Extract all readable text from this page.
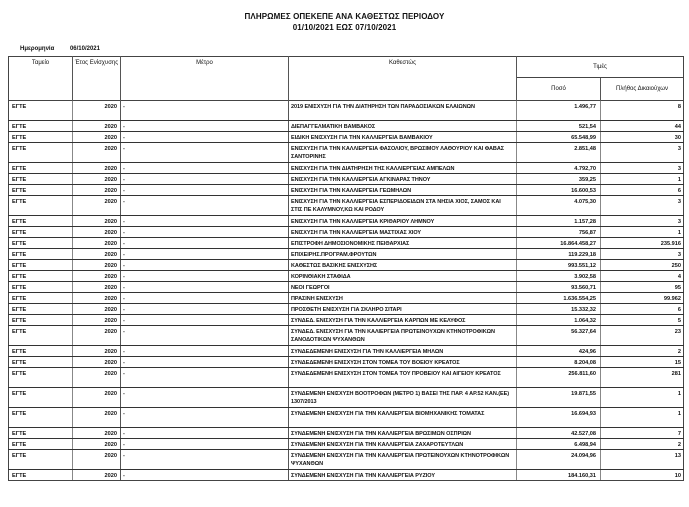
ΠΛΗΡΩΜΕΣ ΟΠΕΚΕΠΕ ΑΝΑ ΚΑΘΕΣΤΩΣ ΠΕΡΙΟΔΟΥ
01/10/2021 ΕΩΣ 07/10/2021
Ημερομηνία	06/10/2021
Ταμείο	Έτος Ενίσχυσης	Μέτρο	Καθεστώς	Τιμές	
				Ποσό	Πλήθος Δικαιούχων
ΕΓΤΕ	2020	-	2019 ΕΝΙΣΧΥΣΗ ΓΙΑ ΤΗΝ ΔΙΑΤΗΡΗΣΗ ΤΩΝ ΠΑΡΑΔΟΣΙΑΚΩΝ ΕΛΑΙΩΝΩΝ	1.496,77	8
ΕΓΤΕ	2020	-	ΔΙΕΠΑΓΓΕΛΜΑΤΙΚΗ ΒΑΜΒΑΚΟΣ	521,54	44
ΕΓΤΕ	2020	-	ΕΙΔΙΚΗ ΕΝΙΣΧΥΣΗ ΓΙΑ ΤΗΝ ΚΑΛΛΙΕΡΓΕΙΑ ΒΑΜΒΑΚΙΟΥ	65.548,99	30
ΕΓΤΕ	2020	-	ΕΝΙΣΧΥΣΗ ΓΙΑ ΤΗΝ ΚΑΛΛΙΕΡΓΕΙΑ ΦΑΣΟΛΙΟΥ, ΒΡΩΣΙΜΟΥ ΛΑΘΟΥΡΙΟΥ ΚΑΙ ΦΑΒΑΣ ΣΑΝΤΟΡΙΝΗΣ	2.851,48	3
ΕΓΤΕ	2020	-	ΕΝΙΣΧΥΣΗ ΓΙΑ ΤΗΝ ΔΙΑΤΗΡΗΣΗ ΤΗΣ ΚΑΛΛΙΕΡΓΕΙΑΣ ΑΜΠΕΛΩΝ	4.792,70	3
ΕΓΤΕ	2020	-	ΕΝΙΣΧΥΣΗ ΓΙΑ ΤΗΝ ΚΑΛΛΙΕΡΓΕΙΑ ΑΓΚΙΝΑΡΑΣ ΤΗΝΟΥ	359,25	1
ΕΓΤΕ	2020	-	ΕΝΙΣΧΥΣΗ ΓΙΑ ΤΗΝ ΚΑΛΛΙΕΡΓΕΙΑ ΓΕΩΜΗΛΩΝ	16.600,53	6
ΕΓΤΕ	2020	-	ΕΝΙΣΧΥΣΗ ΓΙΑ ΤΗΝ ΚΑΛΛΙΕΡΓΕΙΑ ΕΣΠΕΡΙΔΟΕΙΔΩΝ ΣΤΑ ΝΗΣΙΑ ΧΙΟΣ, ΣΑΜΟΣ ΚΑΙ ΣΤΙΣ ΠΕ ΚΑΛΥΜΝΟΥ,ΚΩ ΚΑΙ ΡΟΔΟΥ	4.075,30	3
ΕΓΤΕ	2020	-	ΕΝΙΣΧΥΣΗ ΓΙΑ ΤΗΝ ΚΑΛΛΙΕΡΓΕΙΑ ΚΡΙΘΑΡΙΟΥ ΛΗΜΝΟΥ	1.157,28	3
ΕΓΤΕ	2020	-	ΕΝΙΣΧΥΣΗ ΓΙΑ ΤΗΝ ΚΑΛΛΙΕΡΓΕΙΑ ΜΑΣΤΙΧΑΣ ΧΙΟΥ	756,87	1
ΕΓΤΕ	2020	-	ΕΠΙΣΤΡΟΦΗ ΔΗΜΟΣΙΟΝΟΜΙΚΗΣ ΠΕΙΘΑΡΧΙΑΣ	16.864.458,27	235.916
ΕΓΤΕ	2020	-	ΕΠΙΧΕΙΡΗΣ.ΠΡΟΓΡΑΜ.ΦΡΟΥΤΩΝ	119.229,18	3
ΕΓΤΕ	2020	-	ΚΑΘΕΣΤΩΣ ΒΑΣΙΚΗΣ ΕΝΙΣΧΥΣΗΣ	993.551,12	250
ΕΓΤΕ	2020	-	ΚΟΡΙΝΘΙΑΚΗ ΣΤΑΦΙΔΑ	3.902,58	4
ΕΓΤΕ	2020	-	ΝΕΟΙ ΓΕΩΡΓΟΙ	93.560,71	95
ΕΓΤΕ	2020	-	ΠΡΑΣΙΝΗ ΕΝΙΣΧΥΣΗ	1.636.554,25	99.962
ΕΓΤΕ	2020	-	ΠΡΟΣΘΕΤΗ ΕΝΙΣΧΥΣΗ ΓΙΑ ΣΚΛΗΡΟ ΣΙΤΑΡΙ	15.332,32	6
ΕΓΤΕ	2020	-	ΣΥΝΔΕΔ. ΕΝΙΣΧΥΣΗ ΓΙΑ ΤΗΝ ΚΑΛΛΙΕΡΓΕΙΑ ΚΑΡΠΩΝ ΜΕ ΚΕΛΥΦΟΣ	1.064,32	5
ΕΓΤΕ	2020	-	ΣΥΝΔΕΔ. ΕΝΙΣΧΥΣΗ ΓΙΑ ΤΗΝ ΚΑΛΙΕΡΓΕΙΑ ΠΡΩΤΕΙΝΟΥΧΩΝ ΚΤΗΝΟΤΡΟΦΙΚΩΝ ΣΑΝΟΔΟΤΙΚΩΝ ΨΥΧΑΝΘΩΝ	56.327,64	23
ΕΓΤΕ	2020	-	ΣΥΝΔΕΔΕΜΕΝΗ ΕΝΙΣΧΥΣΗ ΓΙΑ ΤΗΝ ΚΑΛΛΙΕΡΓΕΙΑ ΜΗΛΩΝ	424,96	2
ΕΓΤΕ	2020	-	ΣΥΝΔΕΔΕΜΕΝΗ ΕΝΙΣΧΥΣΗ ΣΤΟΝ ΤΟΜΕΑ ΤΟΥ ΒΟΕΙΟΥ ΚΡΕΑΤΟΣ	8.204,08	15
ΕΓΤΕ	2020	-	ΣΥΝΔΕΔΕΜΕΝΗ ΕΝΙΣΧΥΣΗ ΣΤΟΝ ΤΟΜΕΑ ΤΟΥ ΠΡΟΒΕΙΟΥ ΚΑΙ ΑΙΓΕΙΟΥ ΚΡΕΑΤΟΣ	256.811,60	281
ΕΓΤΕ	2020	-	ΣΥΝΔΕΜΕΝΗ ΕΝΙΣΧΥΣΗ ΒΟΟΤΡΟΦΩΝ (ΜΕΤΡΟ 1) ΒΑΣΕΙ ΤΗΣ ΠΑΡ. 4 ΑΡ.52 ΚΑΝ.(ΕΕ) 1307/2013	19.871,55	1
ΕΓΤΕ	2020	-	ΣΥΝΔΕΜΕΝΗ ΕΝΙΣΧΥΣΗ ΓΙΑ ΤΗΝ ΚΑΛΛΙΕΡΓΕΙΑ ΒΙΟΜΗΧΑΝΙΚΗΣ ΤΟΜΑΤΑΣ	16.694,93	1
ΕΓΤΕ	2020	-	ΣΥΝΔΕΜΕΝΗ ΕΝΙΣΧΥΣΗ ΓΙΑ ΤΗΝ ΚΑΛΛΙΕΡΓΕΙΑ ΒΡΩΣΙΜΩΝ ΟΣΠΡΙΩΝ	42.527,08	7
ΕΓΤΕ	2020	-	ΣΥΝΔΕΜΕΝΗ ΕΝΙΣΧΥΣΗ ΓΙΑ ΤΗΝ ΚΑΛΛΙΕΡΓΕΙΑ ΖΑΧΑΡΟΤΕΥΤΛΩΝ	6.498,94	2
ΕΓΤΕ	2020	-	ΣΥΝΔΕΜΕΝΗ ΕΝΙΣΧΥΣΗ ΓΙΑ ΤΗΝ ΚΑΛΛΙΕΡΓΕΙΑ ΠΡΩΤΕΙΝΟΥΧΩΝ ΚΤΗΝΟΤΡΟΦΙΚΩΝ ΨΥΧΑΝΘΩΝ	24.094,96	13
ΕΓΤΕ	2020	-	ΣΥΝΔΕΜΕΝΗ ΕΝΙΣΧΥΣΗ ΓΙΑ ΤΗΝ ΚΑΛΛΙΕΡΓΕΙΑ ΡΥΖΙΟΥ	184.160,31	10
